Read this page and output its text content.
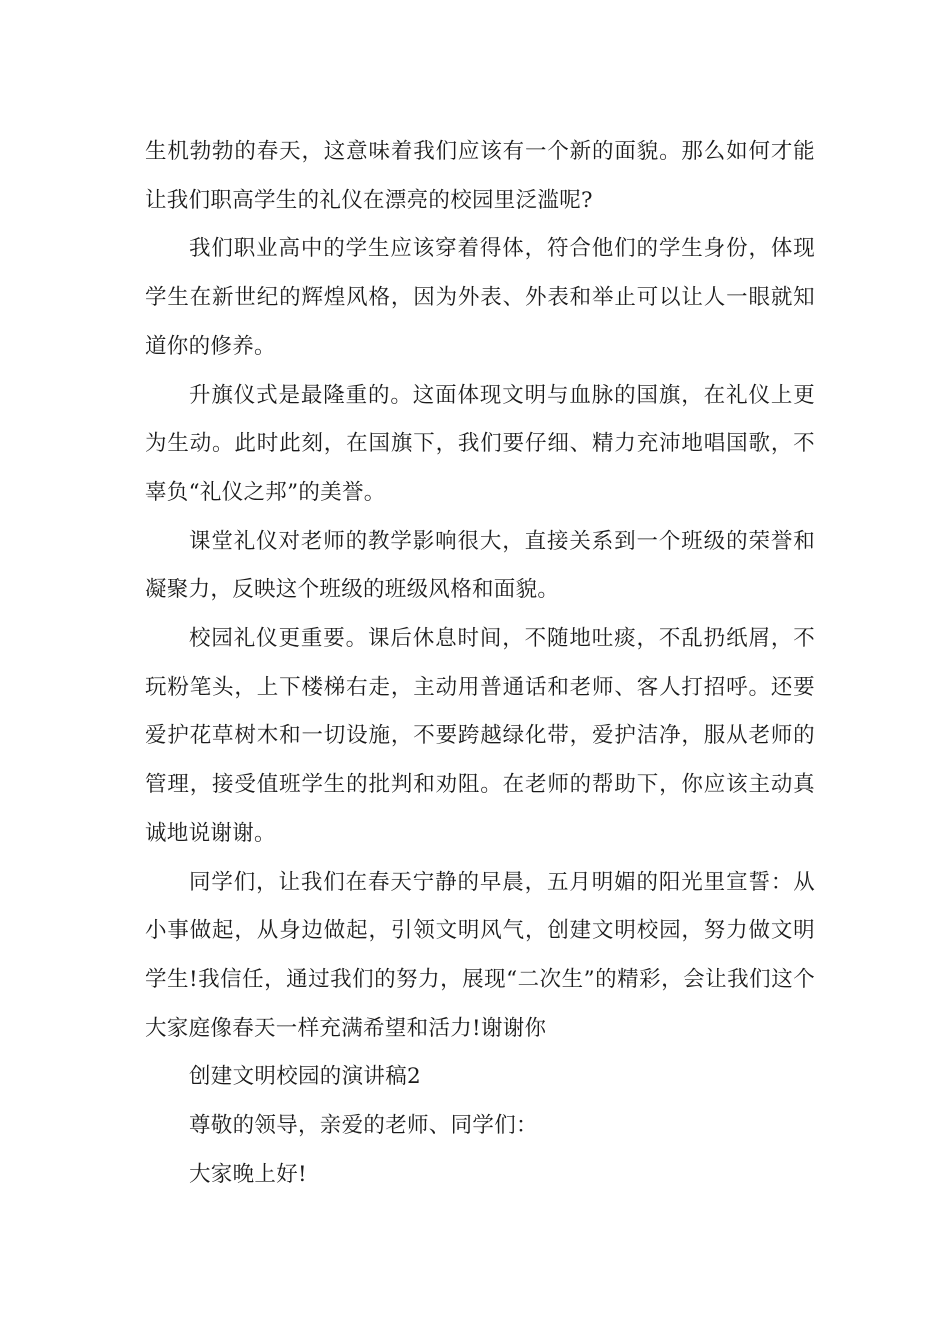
生机勃勃的春天，这意味着我们应该有一个新的面貌。那么如何才能让我们职高学生的礼仪在漂亮的校园里泛滥呢?

我们职业高中的学生应该穿着得体，符合他们的学生身份，体现学生在新世纪的辉煌风格，因为外表、外表和举止可以让人一眼就知道你的修养。

升旗仪式是最隆重的。这面体现文明与血脉的国旗，在礼仪上更为生动。此时此刻，在国旗下，我们要仔细、精力充沛地唱国歌，不辜负“礼仪之邦”的美誉。

课堂礼仪对老师的教学影响很大，直接关系到一个班级的荣誉和凝聚力，反映这个班级的班级风格和面貌。

校园礼仪更重要。课后休息时间，不随地吐痰，不乱扔纸屑，不玩粉笔头，上下楼梯右走，主动用普通话和老师、客人打招呼。还要爱护花草树木和一切设施，不要跨越绿化带，爱护洁净，服从老师的管理，接受值班学生的批判和劝阻。在老师的帮助下，你应该主动真诚地说谢谢。

同学们，让我们在春天宁静的早晨，五月明媚的阳光里宣誓：从小事做起，从身边做起，引领文明风气，创建文明校园，努力做文明学生!我信任，通过我们的努力，展现“二次生”的精彩，会让我们这个大家庭像春天一样充满希望和活力!谢谢你

创建文明校园的演讲稿2

尊敬的领导，亲爱的老师、同学们：

大家晚上好!
